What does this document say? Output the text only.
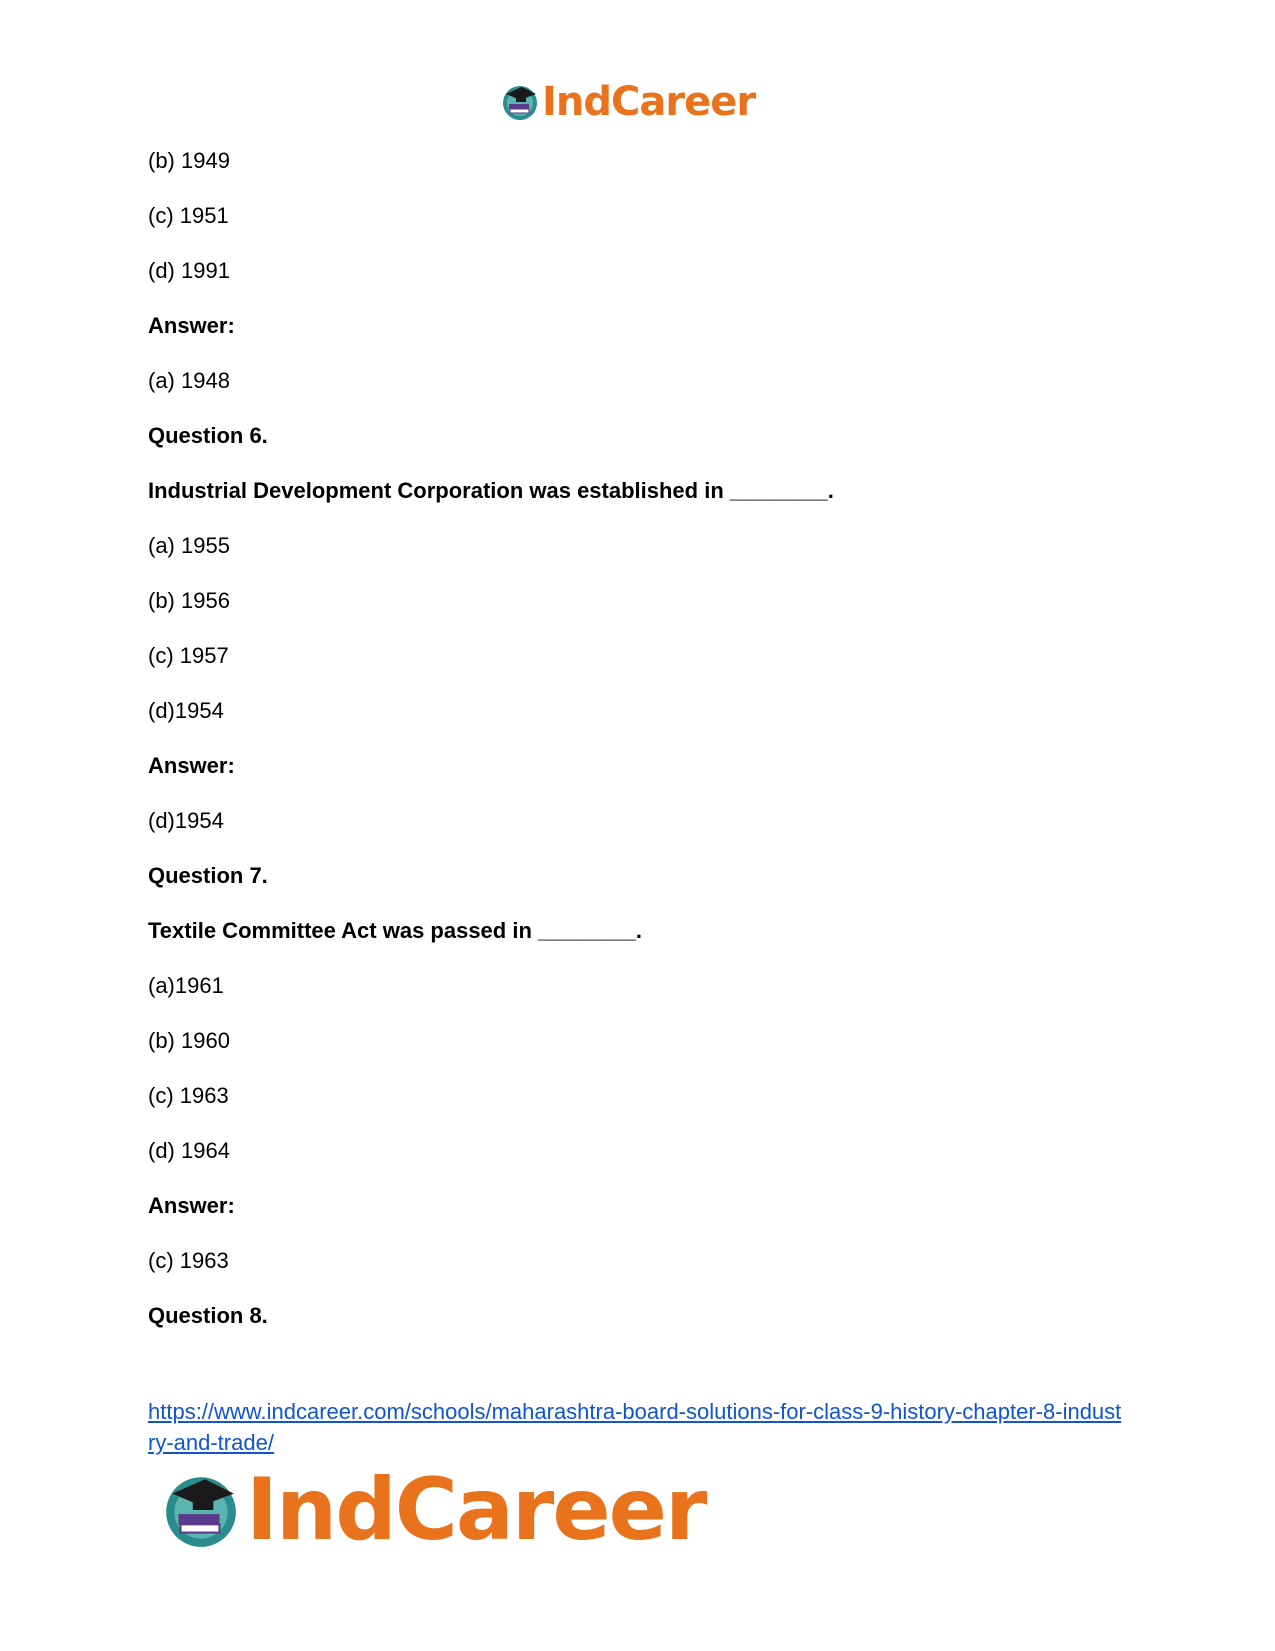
IndCareer
(b) 1949
(c) 1951
(d) 1991
Answer:
(a) 1948
Question 6.
Industrial Development Corporation was established in ________.
(a) 1955
(b) 1956
(c) 1957
(d)1954
Answer:
(d)1954
Question 7.
Textile Committee Act was passed in ________.
(a)1961
(b) 1960
(c) 1963
(d) 1964
Answer:
(c) 1963
Question 8.
https://www.indcareer.com/schools/maharashtra-board-solutions-for-class-9-history-chapter-8-industry-and-trade/
IndCareer
